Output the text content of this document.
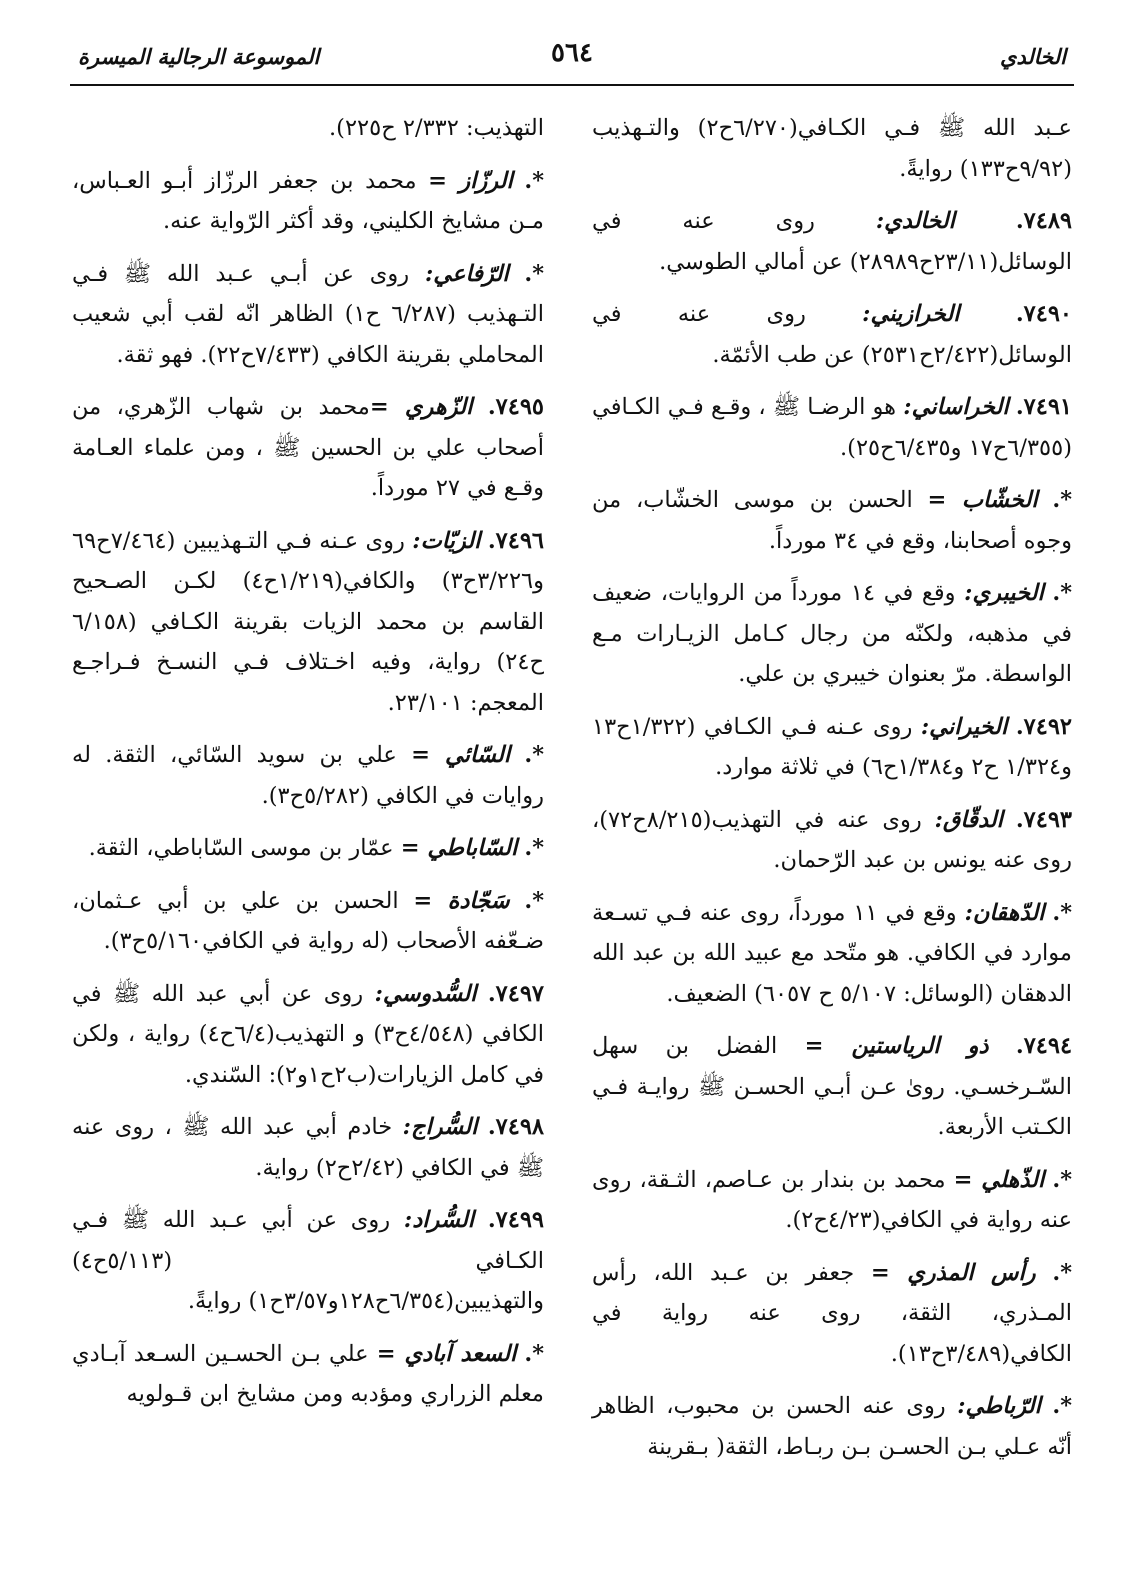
الموسوعة الرجالية الميسرة	٥٦٤	الخالدي

عـبد الله ﷺ فـي الكـافي(٦/٢٧٠ح٢) والتـهذيب (٩/٩٢ح١٣٣) روايةً.

٧٤٨٩. الخالدي: روى عنه في الوسائل(٢٣/١١ح٢٨٩٨٩) عن أمالي الطوسي.

٧٤٩٠. الخرازيني: روى عنه في الوسائل(٢/٤٢٢ح٢٥٣١) عن طب الأئمّة.

٧٤٩١. الخراساني: هو الرضـا ﷺ ، وقـع فـي الكـافي (٦/٣٥٥ح١٧ و٦/٤٣٥ح٢٥).

*. الخشّاب = الحسن بن موسى الخشّاب، من وجوه أصحابنا، وقع في ٣٤ مورداً.

*. الخيبري: وقع في ١٤ مورداً من الروايات، ضعيف في مذهبه، ولكنّه من رجال كـامل الزيـارات مـع الواسطة. مرّ بعنوان خيبري بن علي.

٧٤٩٢. الخيراني: روى عـنه فـي الكـافي (١/٣٢٢ح١٣ و١/٣٢٤ ح٢ و١/٣٨٤ح٦) في ثلاثة موارد.

٧٤٩٣. الدقّاق: روى عنه في التهذيب(٨/٢١٥ح٧٢)، روى عنه يونس بن عبد الرّحمان.

*. الدّهقان: وقع في ١١ مورداً، روى عنه فـي تسـعة موارد في الكافي. هو متّحد مع عبيد الله بن عبد الله الدهقان (الوسائل: ٥/١٠٧ ح ٦٠٥٧) الضعيف.

٧٤٩٤. ذو الرياستين = الفضل بن سهل السّـرخسـي. رویٰ عـن أبـي الحسـن ﷺ روايـة فـي الكـتب الأربعة.

*. الذّهلي = محمد بن بندار بن عـاصم، الثـقة، روى عنه رواية في الكافي(٤/٢٣ح٢).

*. رأس المذري = جعفر بن عـبد الله، رأس المـذري، الثقة، روى عنه رواية في الكافي(٣/٤٨٩ح١٣).

*. الرّباطي: روى عنه الحسن بن محبوب، الظاهر أنّه عـلي بـن الحسـن بـن ربـاط، الثقة( بـقرينة

التهذيب: ٢/٣٣٢ ح٢٢٥).

*. الرزّاز = محمد بن جعفر الرزّاز أبـو العـباس، مـن مشايخ الكليني، وقد أكثر الرّواية عنه.

*. الرّفاعي: روى عن أبـي عـبد الله ﷺ فـي التـهذيب (٦/٢٨٧ ح١) الظاهر انّه لقب أبي شعيب المحاملي بقرينة الكافي (٧/٤٣٣ح٢٢). فهو ثقة.

٧٤٩٥. الزّهري =محمد بن شهاب الزّهري، من أصحاب علي بن الحسين ﷺ ، ومن علماء العـامة وقـع في ٢٧ مورداً.

٧٤٩٦. الزيّات: روى عـنه فـي التـهذيبين (٧/٤٦٤ح٦٩ و٣/٢٢٦ح٣) والكافي(١/٢١٩ح٤) لكـن الصـحيح القاسم بن محمد الزيات بقرينة الكـافي (٦/١٥٨ ح٢٤) رواية، وفيه اخـتلاف فـي النسـخ فـراجـع المعجم: ٢٣/١٠١.

*. السّائي = علي بن سويد السّائي، الثقة. له روايات في الكافي (٥/٢٨٢ح٣).

*. السّاباطي = عمّار بن موسى السّاباطي، الثقة.

*. سَجّادة = الحسن بن علي بن أبي عـثمان، ضـعّفه الأصحاب (له رواية في الكافي٥/١٦٠ح٣).

٧٤٩٧. السُّدوسي: روى عن أبي عبد الله ﷺ في الكافي (٤/٥٤٨ح٣) و التهذيب(٦/٤ح٤) رواية ، ولكن في كامل الزيارات(ب٢ح١و٢): السّندي.

٧٤٩٨. السُّراج: خادم أبي عبد الله ﷺ ، روى عنه ﷺ في الكافي (٢/٤٢ح٢) رواية.

٧٤٩٩. السُّراد: روى عن أبي عـبد الله ﷺ فـي الكـافي (٥/١١٣ح٤) والتهذيبين(٦/٣٥٤ح١٢٨و٣/٥٧ح١) روايةً.

*. السعد آبادي = علي بـن الحسـين السـعد آبـادي معلم الزراري ومؤدبه ومن مشايخ ابن قـولويه
